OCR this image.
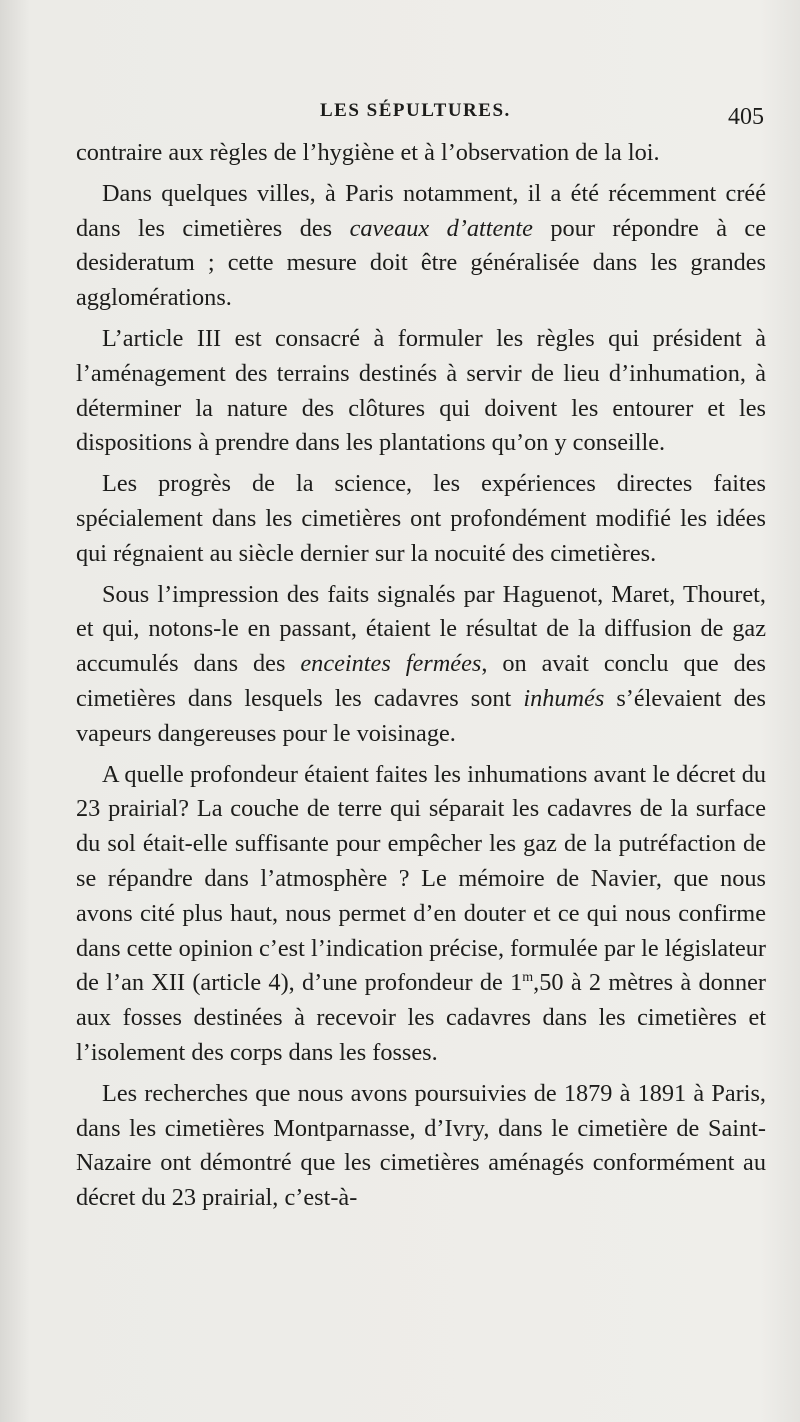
LES SÉPULTURES.	405

contraire aux règles de l’hygiène et à l’observation de la loi.

Dans quelques villes, à Paris notamment, il a été récemment créé dans les cimetières des caveaux d’attente pour répondre à ce desideratum ; cette mesure doit être généralisée dans les grandes agglomérations.

L’article III est consacré à formuler les règles qui président à l’aménagement des terrains destinés à servir de lieu d’inhumation, à déterminer la nature des clôtures qui doivent les entourer et les dispositions à prendre dans les plantations qu’on y conseille.

Les progrès de la science, les expériences directes faites spécialement dans les cimetières ont profondément modifié les idées qui régnaient au siècle dernier sur la nocuité des cimetières.

Sous l’impression des faits signalés par Haguenot, Maret, Thouret, et qui, notons-le en passant, étaient le résultat de la diffusion de gaz accumulés dans des enceintes fermées, on avait conclu que des cimetières dans lesquels les cadavres sont inhumés s’élevaient des vapeurs dangereuses pour le voisinage.

A quelle profondeur étaient faites les inhumations avant le décret du 23 prairial? La couche de terre qui séparait les cadavres de la surface du sol était-elle suffisante pour empêcher les gaz de la putréfaction de se répandre dans l’atmosphère ? Le mémoire de Navier, que nous avons cité plus haut, nous permet d’en douter et ce qui nous confirme dans cette opinion c’est l’indication précise, formulée par le législateur de l’an XII (article 4), d’une profondeur de 1$^m$,50 à 2 mètres à donner aux fosses destinées à recevoir les cadavres dans les cimetières et l’isolement des corps dans les fosses.

Les recherches que nous avons poursuivies de 1879 à 1891 à Paris, dans les cimetières Montparnasse, d’Ivry, dans le cimetière de Saint-Nazaire ont démontré que les cimetières aménagés conformément au décret du 23 prairial, c’est-à-
